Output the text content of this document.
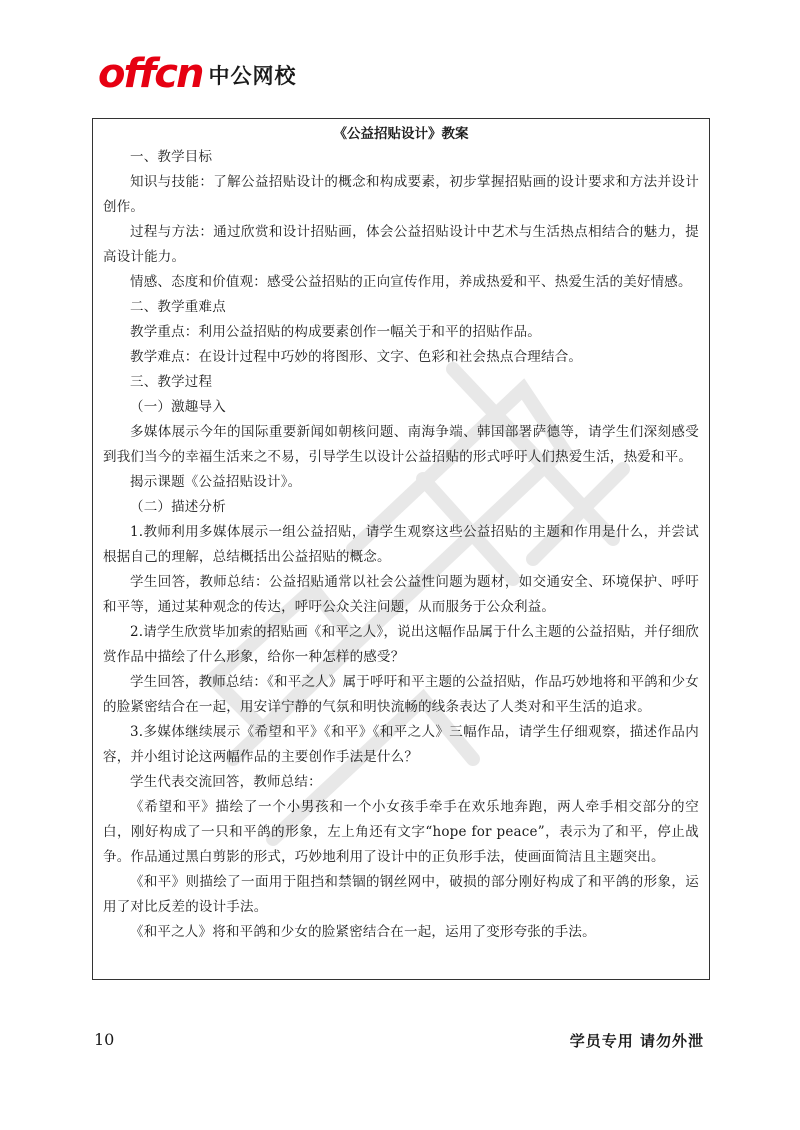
offcn 中公网校
《公益招贴设计》教案

一、教学目标

知识与技能：了解公益招贴设计的概念和构成要素，初步掌握招贴画的设计要求和方法并设计创作。

过程与方法：通过欣赏和设计招贴画，体会公益招贴设计中艺术与生活热点相结合的魅力，提高设计能力。

情感、态度和价值观：感受公益招贴的正向宣传作用，养成热爱和平、热爱生活的美好情感。

二、教学重难点

教学重点：利用公益招贴的构成要素创作一幅关于和平的招贴作品。

教学难点：在设计过程中巧妙的将图形、文字、色彩和社会热点合理结合。

三、教学过程

（一）激趣导入

多媒体展示今年的国际重要新闻如朝核问题、南海争端、韩国部署萨德等，请学生们深刻感受到我们当今的幸福生活来之不易，引导学生以设计公益招贴的形式呼吁人们热爱生活，热爱和平。

揭示课题《公益招贴设计》。

（二）描述分析

1.教师利用多媒体展示一组公益招贴，请学生观察这些公益招贴的主题和作用是什么，并尝试根据自己的理解，总结概括出公益招贴的概念。

学生回答，教师总结：公益招贴通常以社会公益性问题为题材，如交通安全、环境保护、呼吁和平等，通过某种观念的传达，呼吁公众关注问题，从而服务于公众利益。

2.请学生欣赏毕加索的招贴画《和平之人》，说出这幅作品属于什么主题的公益招贴，并仔细欣赏作品中描绘了什么形象，给你一种怎样的感受？

学生回答，教师总结：《和平之人》属于呼吁和平主题的公益招贴，作品巧妙地将和平鸽和少女的脸紧密结合在一起，用安详宁静的气氛和明快流畅的线条表达了人类对和平生活的追求。

3.多媒体继续展示《希望和平》《和平》《和平之人》三幅作品，请学生仔细观察，描述作品内容，并小组讨论这两幅作品的主要创作手法是什么？

学生代表交流回答，教师总结：

《希望和平》描绘了一个小男孩和一个小女孩手牵手在欢乐地奔跑，两人牵手相交部分的空白，刚好构成了一只和平鸽的形象，左上角还有文字“hope for peace”，表示为了和平，停止战争。作品通过黑白剪影的形式，巧妙地利用了设计中的正负形手法，使画面简洁且主题突出。

《和平》则描绘了一面用于阻挡和禁锢的钢丝网中，破损的部分刚好构成了和平鸽的形象，运用了对比反差的设计手法。

《和平之人》将和平鸽和少女的脸紧密结合在一起，运用了变形夸张的手法。

10	学员专用 请勿外泄
